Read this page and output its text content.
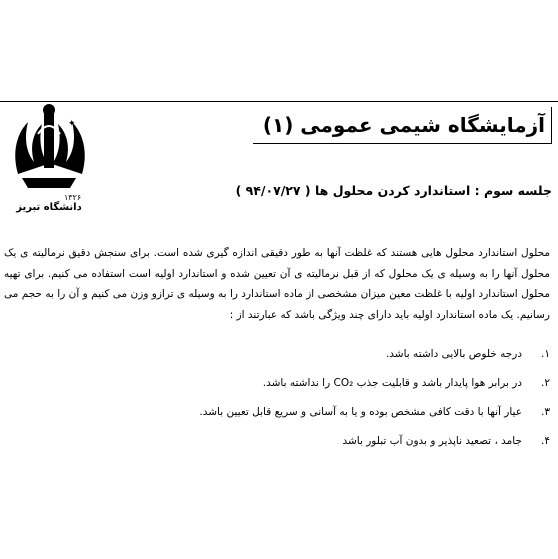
✦
۱۳۲۶
دانشگاه تبریز
آزمایشگاه شیمی عمومی (۱)
جلسه سوم : استاندارد کردن محلول ها ( ۹۴/۰۷/۲۷ )
محلول استاندارد محلول هایی هستند که غلظت آنها به طور دقیقی اندازه گیری شده است. برای سنجش دقیق نرمالیته ی یک محلول آنها را به وسیله ی یک محلول که از قبل نرمالیته ی آن تعیین شده و استاندارد اولیه است استفاده می کنیم. برای تهیه محلول استاندارد اولیه با غلظت معین میزان مشخصی از ماده استاندارد را به وسیله ی ترازو وزن می کنیم و آن را به حجم می رسانیم. یک ماده استاندارد اولیه باید دارای چند ویژگی باشد که عبارتند از :
۱.درجه خلوص بالایی داشته باشد.
۲.در برابر هوا پایدار باشد و قابلیت جذب CO₂ را نداشته باشد.
۳.عیار آنها با دقت کافی مشخص بوده و یا به آسانی و سریع قابل تعیین باشد.
۴.جامد ، تصعید ناپذیر و بدون آب تبلور باشد
